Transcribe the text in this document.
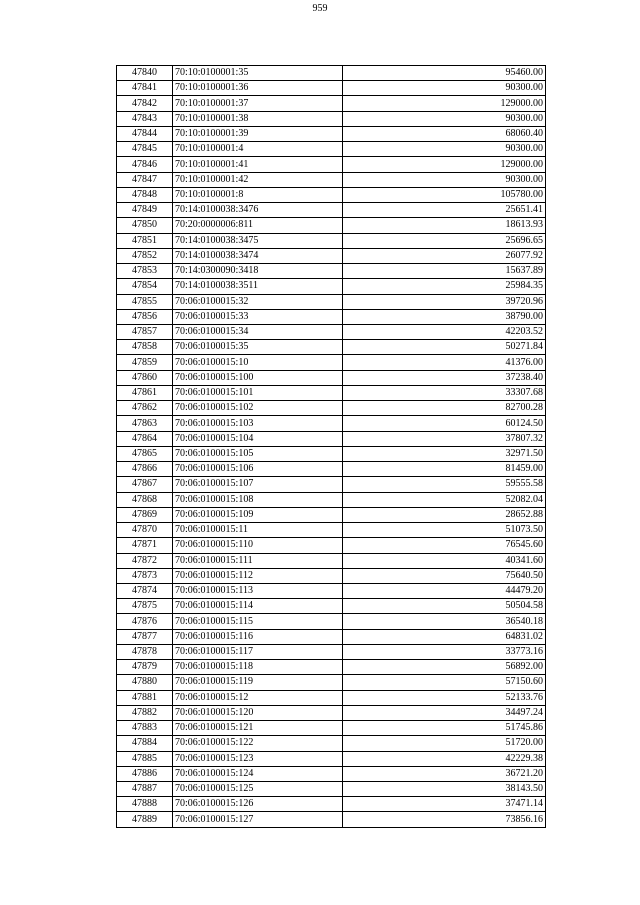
959
47840	70:10:0100001:35	95460.00
47841	70:10:0100001:36	90300.00
47842	70:10:0100001:37	129000.00
47843	70:10:0100001:38	90300.00
47844	70:10:0100001:39	68060.40
47845	70:10:0100001:4	90300.00
47846	70:10:0100001:41	129000.00
47847	70:10:0100001:42	90300.00
47848	70:10:0100001:8	105780.00
47849	70:14:0100038:3476	25651.41
47850	70:20:0000006:811	18613.93
47851	70:14:0100038:3475	25696.65
47852	70:14:0100038:3474	26077.92
47853	70:14:0300090:3418	15637.89
47854	70:14:0100038:3511	25984.35
47855	70:06:0100015:32	39720.96
47856	70:06:0100015:33	38790.00
47857	70:06:0100015:34	42203.52
47858	70:06:0100015:35	50271.84
47859	70:06:0100015:10	41376.00
47860	70:06:0100015:100	37238.40
47861	70:06:0100015:101	33307.68
47862	70:06:0100015:102	82700.28
47863	70:06:0100015:103	60124.50
47864	70:06:0100015:104	37807.32
47865	70:06:0100015:105	32971.50
47866	70:06:0100015:106	81459.00
47867	70:06:0100015:107	59555.58
47868	70:06:0100015:108	52082.04
47869	70:06:0100015:109	28652.88
47870	70:06:0100015:11	51073.50
47871	70:06:0100015:110	76545.60
47872	70:06:0100015:111	40341.60
47873	70:06:0100015:112	75640.50
47874	70:06:0100015:113	44479.20
47875	70:06:0100015:114	50504.58
47876	70:06:0100015:115	36540.18
47877	70:06:0100015:116	64831.02
47878	70:06:0100015:117	33773.16
47879	70:06:0100015:118	56892.00
47880	70:06:0100015:119	57150.60
47881	70:06:0100015:12	52133.76
47882	70:06:0100015:120	34497.24
47883	70:06:0100015:121	51745.86
47884	70:06:0100015:122	51720.00
47885	70:06:0100015:123	42229.38
47886	70:06:0100015:124	36721.20
47887	70:06:0100015:125	38143.50
47888	70:06:0100015:126	37471.14
47889	70:06:0100015:127	73856.16
